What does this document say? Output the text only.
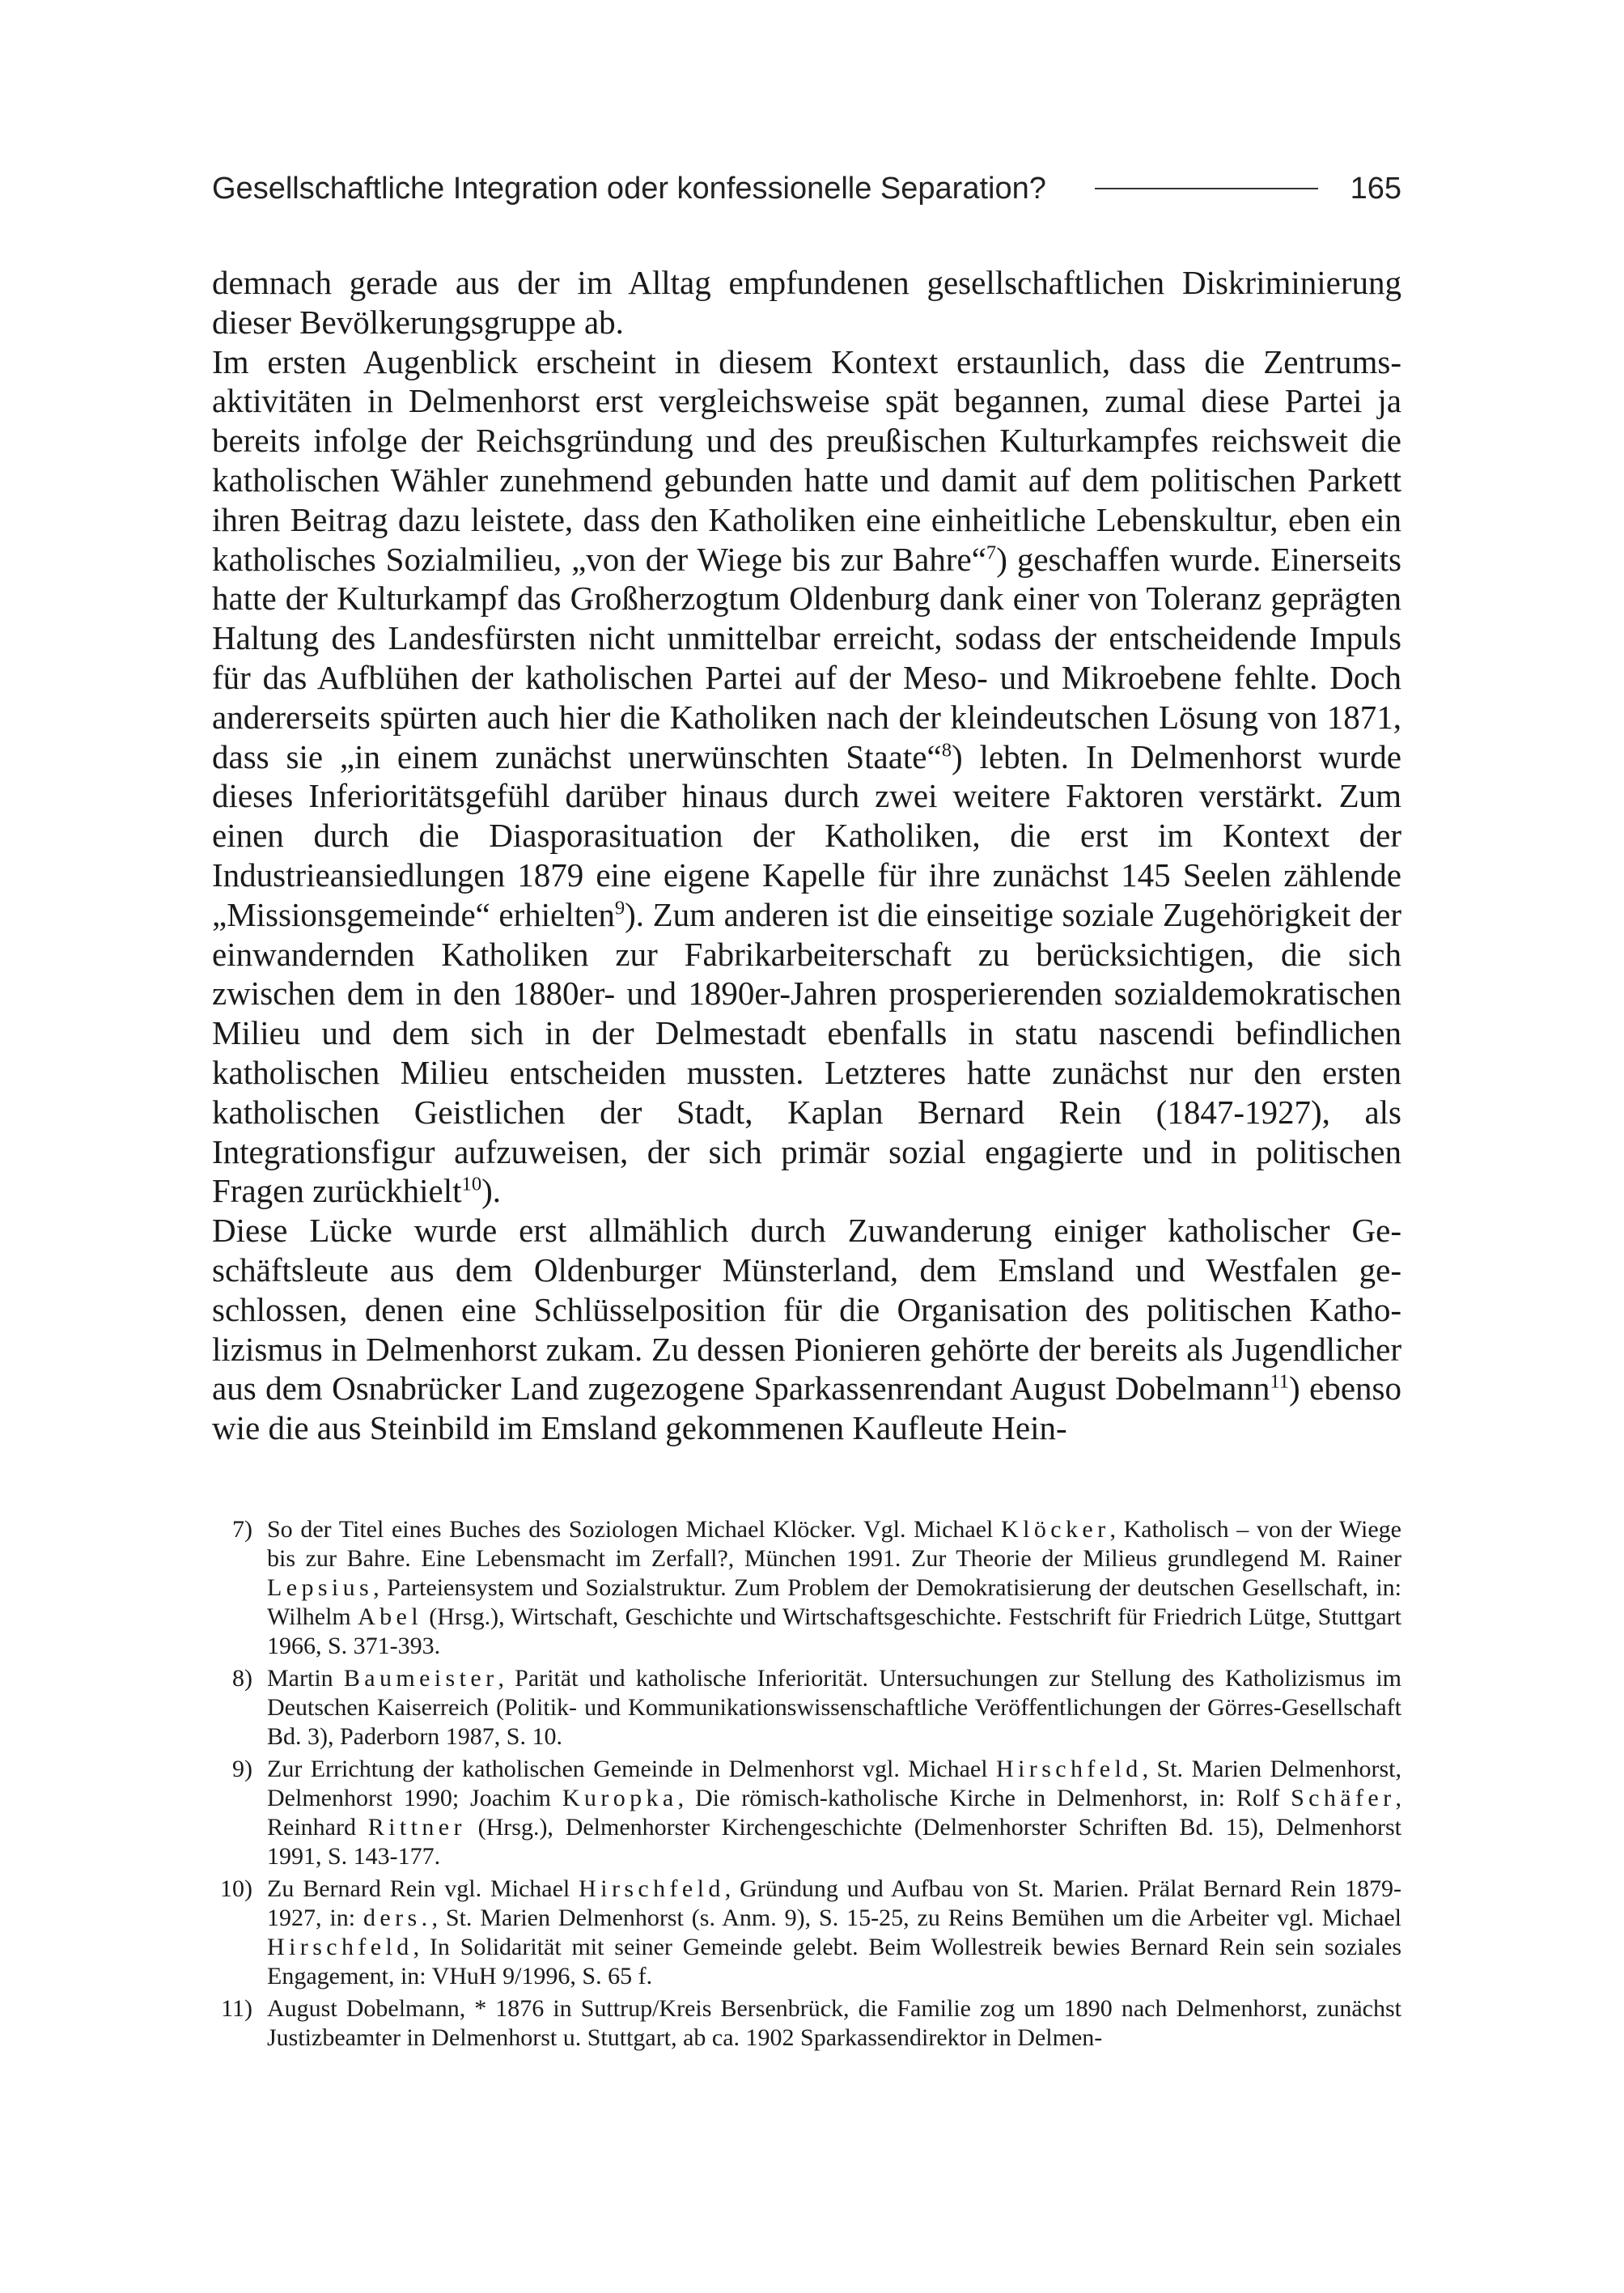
Gesellschaftliche Integration oder konfessionelle Separation?	165

demnach gerade aus der im Alltag empfundenen gesellschaftlichen Diskriminierung dieser Bevölkerungsgruppe ab.

Im ersten Augenblick erscheint in diesem Kontext erstaunlich, dass die Zentrumsaktivitäten in Delmenhorst erst vergleichsweise spät begannen, zumal diese Partei ja bereits infolge der Reichsgründung und des preußischen Kulturkampfes reichsweit die katholischen Wähler zunehmend gebunden hatte und damit auf dem politischen Parkett ihren Beitrag dazu leistete, dass den Katholiken eine einheitliche Lebenskultur, eben ein katholisches Sozialmilieu, „von der Wiege bis zur Bahre“$^7$) geschaffen wurde. Einerseits hatte der Kulturkampf das Großherzogtum Oldenburg dank einer von Toleranz geprägten Haltung des Landesfürsten nicht unmittelbar erreicht, sodass der entscheidende Impuls für das Aufblühen der katholischen Partei auf der Meso- und Mikroebene fehlte. Doch andererseits spürten auch hier die Katholiken nach der kleindeutschen Lösung von 1871, dass sie „in einem zunächst unerwünschten Staate“$^8$) lebten. In Delmenhorst wurde dieses Inferioritätsgefühl darüber hinaus durch zwei weitere Faktoren verstärkt. Zum einen durch die Diasporasituation der Katholiken, die erst im Kontext der Industrieansiedlungen 1879 eine eigene Kapelle für ihre zunächst 145 Seelen zählende „Missionsgemeinde“ erhielten$^9$). Zum anderen ist die einseitige soziale Zugehörigkeit der einwandernden Katholiken zur Fabrikarbeiterschaft zu berücksichtigen, die sich zwischen dem in den 1880er- und 1890er-Jahren prosperierenden sozialdemokratischen Milieu und dem sich in der Delmestadt ebenfalls in statu nascendi befindlichen katholischen Milieu entscheiden mussten. Letzteres hatte zunächst nur den ersten katholischen Geistlichen der Stadt, Kaplan Bernard Rein (1847-1927), als Integrationsfigur aufzuweisen, der sich primär sozial engagierte und in politischen Fragen zurückhielt$^{10}$).

Diese Lücke wurde erst allmählich durch Zuwanderung einiger katholischer Geschäftsleute aus dem Oldenburger Münsterland, dem Emsland und Westfalen geschlossen, denen eine Schlüsselposition für die Organisation des politischen Katholizismus in Delmenhorst zukam. Zu dessen Pionieren gehörte der bereits als Jugendlicher aus dem Osnabrücker Land zugezogene Sparkassenrendant August Dobelmann$^{11}$) ebenso wie die aus Steinbild im Emsland gekommenen Kaufleute Hein-

7) So der Titel eines Buches des Soziologen Michael Klöcker. Vgl. Michael Klöcker, Katholisch – von der Wiege bis zur Bahre. Eine Lebensmacht im Zerfall?, München 1991. Zur Theorie der Milieus grundlegend M. Rainer Lepsius, Parteiensystem und Sozialstruktur. Zum Problem der Demokratisierung der deutschen Gesellschaft, in: Wilhelm Abel (Hrsg.), Wirtschaft, Geschichte und Wirtschaftsgeschichte. Festschrift für Friedrich Lütge, Stuttgart 1966, S. 371-393.
8) Martin Baumeister, Parität und katholische Inferiorität. Untersuchungen zur Stellung des Katholizismus im Deutschen Kaiserreich (Politik- und Kommunikationswissenschaftliche Veröffentlichungen der Görres-Gesellschaft Bd. 3), Paderborn 1987, S. 10.
9) Zur Errichtung der katholischen Gemeinde in Delmenhorst vgl. Michael Hirschfeld, St. Marien Delmenhorst, Delmenhorst 1990; Joachim Kuropka, Die römisch-katholische Kirche in Delmenhorst, in: Rolf Schäfer, Reinhard Rittner (Hrsg.), Delmenhorster Kirchengeschichte (Delmenhorster Schriften Bd. 15), Delmenhorst 1991, S. 143-177.
10) Zu Bernard Rein vgl. Michael Hirschfeld, Gründung und Aufbau von St. Marien. Prälat Bernard Rein 1879-1927, in: ders., St. Marien Delmenhorst (s. Anm. 9), S. 15-25, zu Reins Bemühen um die Arbeiter vgl. Michael Hirschfeld, In Solidarität mit seiner Gemeinde gelebt. Beim Wollestreik bewies Bernard Rein sein soziales Engagement, in: VHuH 9/1996, S. 65 f.
11) August Dobelmann, * 1876 in Suttrup/Kreis Bersenbrück, die Familie zog um 1890 nach Delmenhorst, zunächst Justizbeamter in Delmenhorst u. Stuttgart, ab ca. 1902 Sparkassendirektor in Delmen-
